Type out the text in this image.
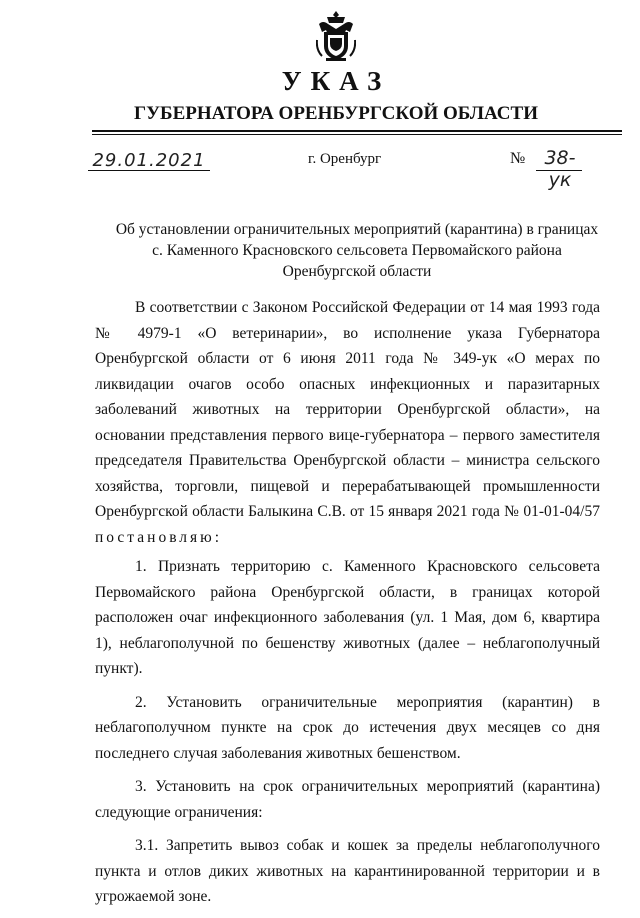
УКАЗ
ГУБЕРНАТОРА ОРЕНБУРГСКОЙ ОБЛАСТИ
29.01.2021	г. Оренбург	№	38-ук
Об установлении ограничительных мероприятий (карантина) в границах
с. Каменного Красновского сельсовета Первомайского района
Оренбургской области

В соответствии с Законом Российской Федерации от 14 мая 1993 года № 4979-1 «О ветеринарии», во исполнение указа Губернатора Оренбургской области от 6 июня 2011 года № 349-ук «О мерах по ликвидации очагов особо опасных инфекционных и паразитарных заболеваний животных на территории Оренбургской области», на основании представления первого вице-губернатора – первого заместителя председателя Правительства Оренбургской области – министра сельского хозяйства, торговли, пищевой и перерабатывающей промышленности Оренбургской области Балыкина С.В. от 15 января 2021 года № 01-01-04/57 постановляю:

1. Признать территорию с. Каменного Красновского сельсовета Первомайского района Оренбургской области, в границах которой расположен очаг инфекционного заболевания (ул. 1 Мая, дом 6, квартира 1), неблагополучной по бешенству животных (далее – неблагополучный пункт).

2. Установить ограничительные мероприятия (карантин) в неблагополучном пункте на срок до истечения двух месяцев со дня последнего случая заболевания животных бешенством.

3. Установить на срок ограничительных мероприятий (карантина) следующие ограничения:

3.1. Запретить вывоз собак и кошек за пределы неблагополучного пункта и отлов диких животных на карантинированной территории и в угрожаемой зоне.
